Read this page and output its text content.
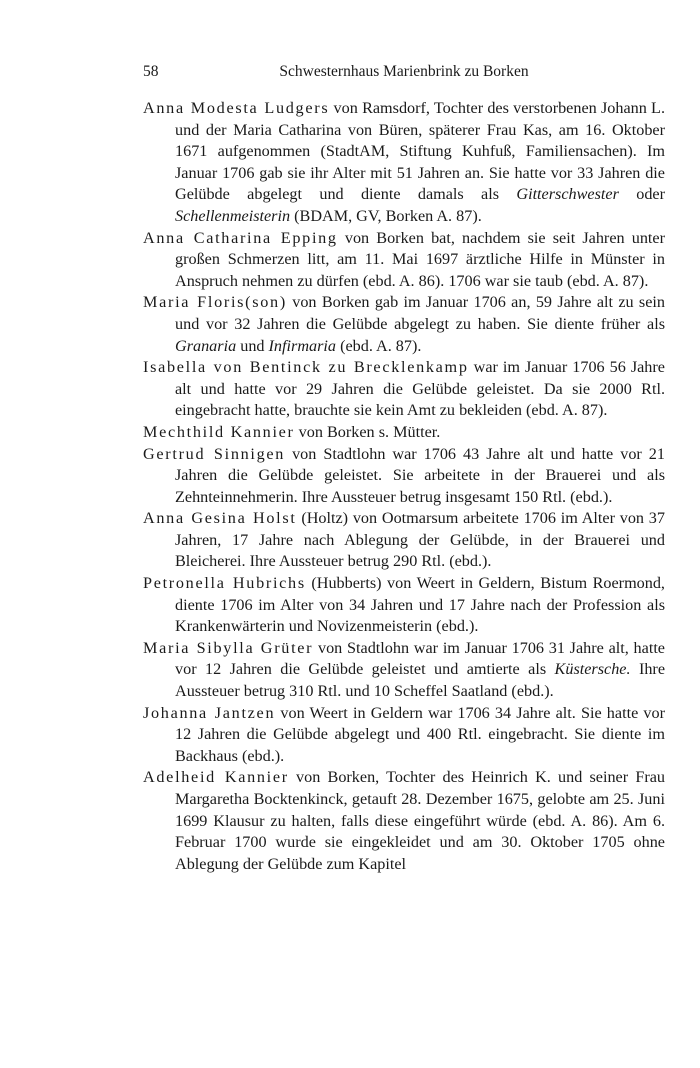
58	Schwesternhaus Marienbrink zu Borken

Anna Modesta Ludgers von Ramsdorf, Tochter des verstorbenen Johann L. und der Maria Catharina von Büren, späterer Frau Kas, am 16. Oktober 1671 aufgenommen (StadtAM, Stiftung Kuhfuß, Familiensachen). Im Januar 1706 gab sie ihr Alter mit 51 Jahren an. Sie hatte vor 33 Jahren die Gelübde abgelegt und diente damals als Gitterschwester oder Schellenmeisterin (BDAM, GV, Borken A. 87).

Anna Catharina Epping von Borken bat, nachdem sie seit Jahren unter großen Schmerzen litt, am 11. Mai 1697 ärztliche Hilfe in Münster in Anspruch nehmen zu dürfen (ebd. A. 86). 1706 war sie taub (ebd. A. 87).

Maria Floris(son) von Borken gab im Januar 1706 an, 59 Jahre alt zu sein und vor 32 Jahren die Gelübde abgelegt zu haben. Sie diente früher als Granaria und Infirmaria (ebd. A. 87).

Isabella von Bentinck zu Brecklenkamp war im Januar 1706 56 Jahre alt und hatte vor 29 Jahren die Gelübde geleistet. Da sie 2000 Rtl. eingebracht hatte, brauchte sie kein Amt zu bekleiden (ebd. A. 87).

Mechthild Kannier von Borken s. Mütter.

Gertrud Sinnigen von Stadtlohn war 1706 43 Jahre alt und hatte vor 21 Jahren die Gelübde geleistet. Sie arbeitete in der Brauerei und als Zehnteinnehmerin. Ihre Aussteuer betrug insgesamt 150 Rtl. (ebd.).

Anna Gesina Holst (Holtz) von Ootmarsum arbeitete 1706 im Alter von 37 Jahren, 17 Jahre nach Ablegung der Gelübde, in der Brauerei und Bleicherei. Ihre Aussteuer betrug 290 Rtl. (ebd.).

Petronella Hubrichs (Hubberts) von Weert in Geldern, Bistum Roermond, diente 1706 im Alter von 34 Jahren und 17 Jahre nach der Profession als Krankenwärterin und Novizenmeisterin (ebd.).

Maria Sibylla Grüter von Stadtlohn war im Januar 1706 31 Jahre alt, hatte vor 12 Jahren die Gelübde geleistet und amtierte als Küstersche. Ihre Aussteuer betrug 310 Rtl. und 10 Scheffel Saatland (ebd.).

Johanna Jantzen von Weert in Geldern war 1706 34 Jahre alt. Sie hatte vor 12 Jahren die Gelübde abgelegt und 400 Rtl. eingebracht. Sie diente im Backhaus (ebd.).

Adelheid Kannier von Borken, Tochter des Heinrich K. und seiner Frau Margaretha Bocktenkinck, getauft 28. Dezember 1675, gelobte am 25. Juni 1699 Klausur zu halten, falls diese eingeführt würde (ebd. A. 86). Am 6. Februar 1700 wurde sie eingekleidet und am 30. Oktober 1705 ohne Ablegung der Gelübde zum Kapitel
